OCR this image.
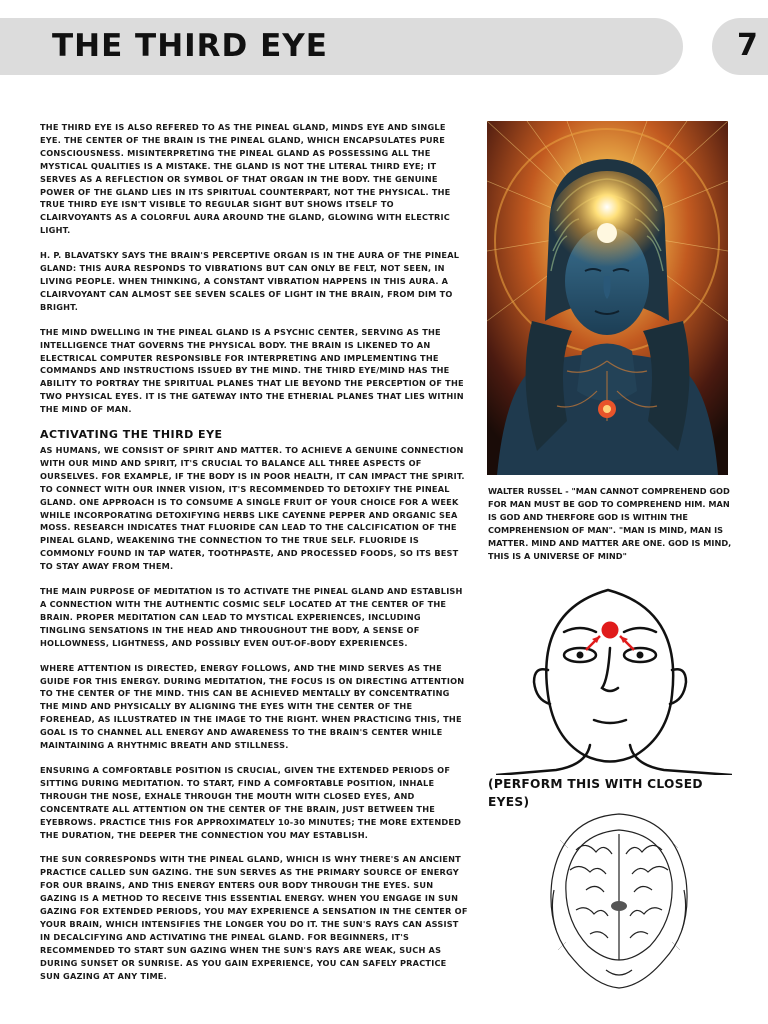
THE THIRD EYE	7

THE THIRD EYE IS ALSO REFERED TO AS THE PINEAL GLAND, MINDS EYE AND SINGLE EYE. THE CENTER OF THE BRAIN IS THE PINEAL GLAND, WHICH ENCAPSULATES PURE CONSCIOUSNESS. MISINTERPRETING THE PINEAL GLAND AS POSSESSING ALL THE MYSTICAL QUALITIES IS A MISTAKE. THE GLAND IS NOT THE LITERAL THIRD EYE; IT SERVES AS A REFLECTION OR SYMBOL OF THAT ORGAN IN THE BODY. THE GENUINE POWER OF THE GLAND LIES IN ITS SPIRITUAL COUNTERPART, NOT THE PHYSICAL. THE TRUE THIRD EYE ISN'T VISIBLE TO REGULAR SIGHT BUT SHOWS ITSELF TO CLAIRVOYANTS AS A COLORFUL AURA AROUND THE GLAND, GLOWING WITH ELECTRIC LIGHT.

H. P. BLAVATSKY SAYS THE BRAIN'S PERCEPTIVE ORGAN IS IN THE AURA OF THE PINEAL GLAND: THIS AURA RESPONDS TO VIBRATIONS BUT CAN ONLY BE FELT, NOT SEEN, IN LIVING PEOPLE. WHEN THINKING, A CONSTANT VIBRATION HAPPENS IN THIS AURA. A CLAIRVOYANT CAN ALMOST SEE SEVEN SCALES OF LIGHT IN THE BRAIN, FROM DIM TO BRIGHT.

THE MIND DWELLING IN THE PINEAL GLAND IS A PSYCHIC CENTER, SERVING AS THE INTELLIGENCE THAT GOVERNS THE PHYSICAL BODY. THE BRAIN IS LIKENED TO AN ELECTRICAL COMPUTER RESPONSIBLE FOR INTERPRETING AND IMPLEMENTING THE COMMANDS AND INSTRUCTIONS ISSUED BY THE MIND. THE THIRD EYE/MIND HAS THE ABILITY TO PORTRAY THE SPIRITUAL PLANES THAT LIE BEYOND THE PERCEPTION OF THE TWO PHYSICAL EYES. IT IS THE GATEWAY INTO THE ETHERIAL PLANES THAT LIES WITHIN THE MIND OF MAN.

ACTIVATING THE THIRD EYE

AS HUMANS, WE CONSIST OF SPIRIT AND MATTER. TO ACHIEVE A GENUINE CONNECTION WITH OUR MIND AND SPIRIT, IT'S CRUCIAL TO BALANCE ALL THREE ASPECTS OF OURSELVES. FOR EXAMPLE, IF THE BODY IS IN POOR HEALTH, IT CAN IMPACT THE SPIRIT. TO CONNECT WITH OUR INNER VISION, IT'S RECOMMENDED TO DETOXIFY THE PINEAL GLAND. ONE APPROACH IS TO CONSUME A SINGLE FRUIT OF YOUR CHOICE FOR A WEEK WHILE INCORPORATING DETOXIFYING HERBS LIKE CAYENNE PEPPER AND ORGANIC SEA MOSS. RESEARCH INDICATES THAT FLUORIDE CAN LEAD TO THE CALCIFICATION OF THE PINEAL GLAND, WEAKENING THE CONNECTION TO THE TRUE SELF. FLUORIDE IS COMMONLY FOUND IN TAP WATER, TOOTHPASTE, AND PROCESSED FOODS, SO ITS BEST TO STAY AWAY FROM THEM.

THE MAIN PURPOSE OF MEDITATION IS TO ACTIVATE THE PINEAL GLAND AND ESTABLISH A CONNECTION WITH THE AUTHENTIC COSMIC SELF LOCATED AT THE CENTER OF THE BRAIN. PROPER MEDITATION CAN LEAD TO MYSTICAL EXPERIENCES, INCLUDING TINGLING SENSATIONS IN THE HEAD AND THROUGHOUT THE BODY, A SENSE OF HOLLOWNESS, LIGHTNESS, AND POSSIBLY EVEN OUT-OF-BODY EXPERIENCES.

WHERE ATTENTION IS DIRECTED, ENERGY FOLLOWS, AND THE MIND SERVES AS THE GUIDE FOR THIS ENERGY. DURING MEDITATION, THE FOCUS IS ON DIRECTING ATTENTION TO THE CENTER OF THE MIND. THIS CAN BE ACHIEVED MENTALLY BY CONCENTRATING THE MIND AND PHYSICALLY BY ALIGNING THE EYES WITH THE CENTER OF THE FOREHEAD, AS ILLUSTRATED IN THE IMAGE TO THE RIGHT. WHEN PRACTICING THIS, THE GOAL IS TO CHANNEL ALL ENERGY AND AWARENESS TO THE BRAIN'S CENTER WHILE MAINTAINING A RHYTHMIC BREATH AND STILLNESS.

ENSURING A COMFORTABLE POSITION IS CRUCIAL, GIVEN THE EXTENDED PERIODS OF SITTING DURING MEDITATION. TO START, FIND A COMFORTABLE POSITION, INHALE THROUGH THE NOSE, EXHALE THROUGH THE MOUTH WITH CLOSED EYES, AND CONCENTRATE ALL ATTENTION ON THE CENTER OF THE BRAIN, JUST BETWEEN THE EYEBROWS. PRACTICE THIS FOR APPROXIMATELY 10-30 MINUTES; THE MORE EXTENDED THE DURATION, THE DEEPER THE CONNECTION YOU MAY ESTABLISH.

THE SUN CORRESPONDS WITH THE PINEAL GLAND, WHICH IS WHY THERE'S AN ANCIENT PRACTICE CALLED SUN GAZING. THE SUN SERVES AS THE PRIMARY SOURCE OF ENERGY FOR OUR BRAINS, AND THIS ENERGY ENTERS OUR BODY THROUGH THE EYES. SUN GAZING IS A METHOD TO RECEIVE THIS ESSENTIAL ENERGY. WHEN YOU ENGAGE IN SUN GAZING FOR EXTENDED PERIODS, YOU MAY EXPERIENCE A SENSATION IN THE CENTER OF YOUR BRAIN, WHICH INTENSIFIES THE LONGER YOU DO IT. THE SUN'S RAYS CAN ASSIST IN DECALCIFYING AND ACTIVATING THE PINEAL GLAND. FOR BEGINNERS, IT'S RECOMMENDED TO START SUN GAZING WHEN THE SUN'S RAYS ARE WEAK, SUCH AS DURING SUNSET OR SUNRISE. AS YOU GAIN EXPERIENCE, YOU CAN SAFELY PRACTICE SUN GAZING AT ANY TIME.

WALTER RUSSEL - "MAN CANNOT COMPREHEND GOD FOR MAN MUST BE GOD TO COMPREHEND HIM. MAN IS GOD AND THERFORE GOD IS WITHIN THE COMPREHENSION OF MAN". "MAN IS MIND, MAN IS MATTER. MIND AND MATTER ARE ONE. GOD IS MIND, THIS IS A UNIVERSE OF MIND"
(PERFORM THIS WITH CLOSED EYES)
